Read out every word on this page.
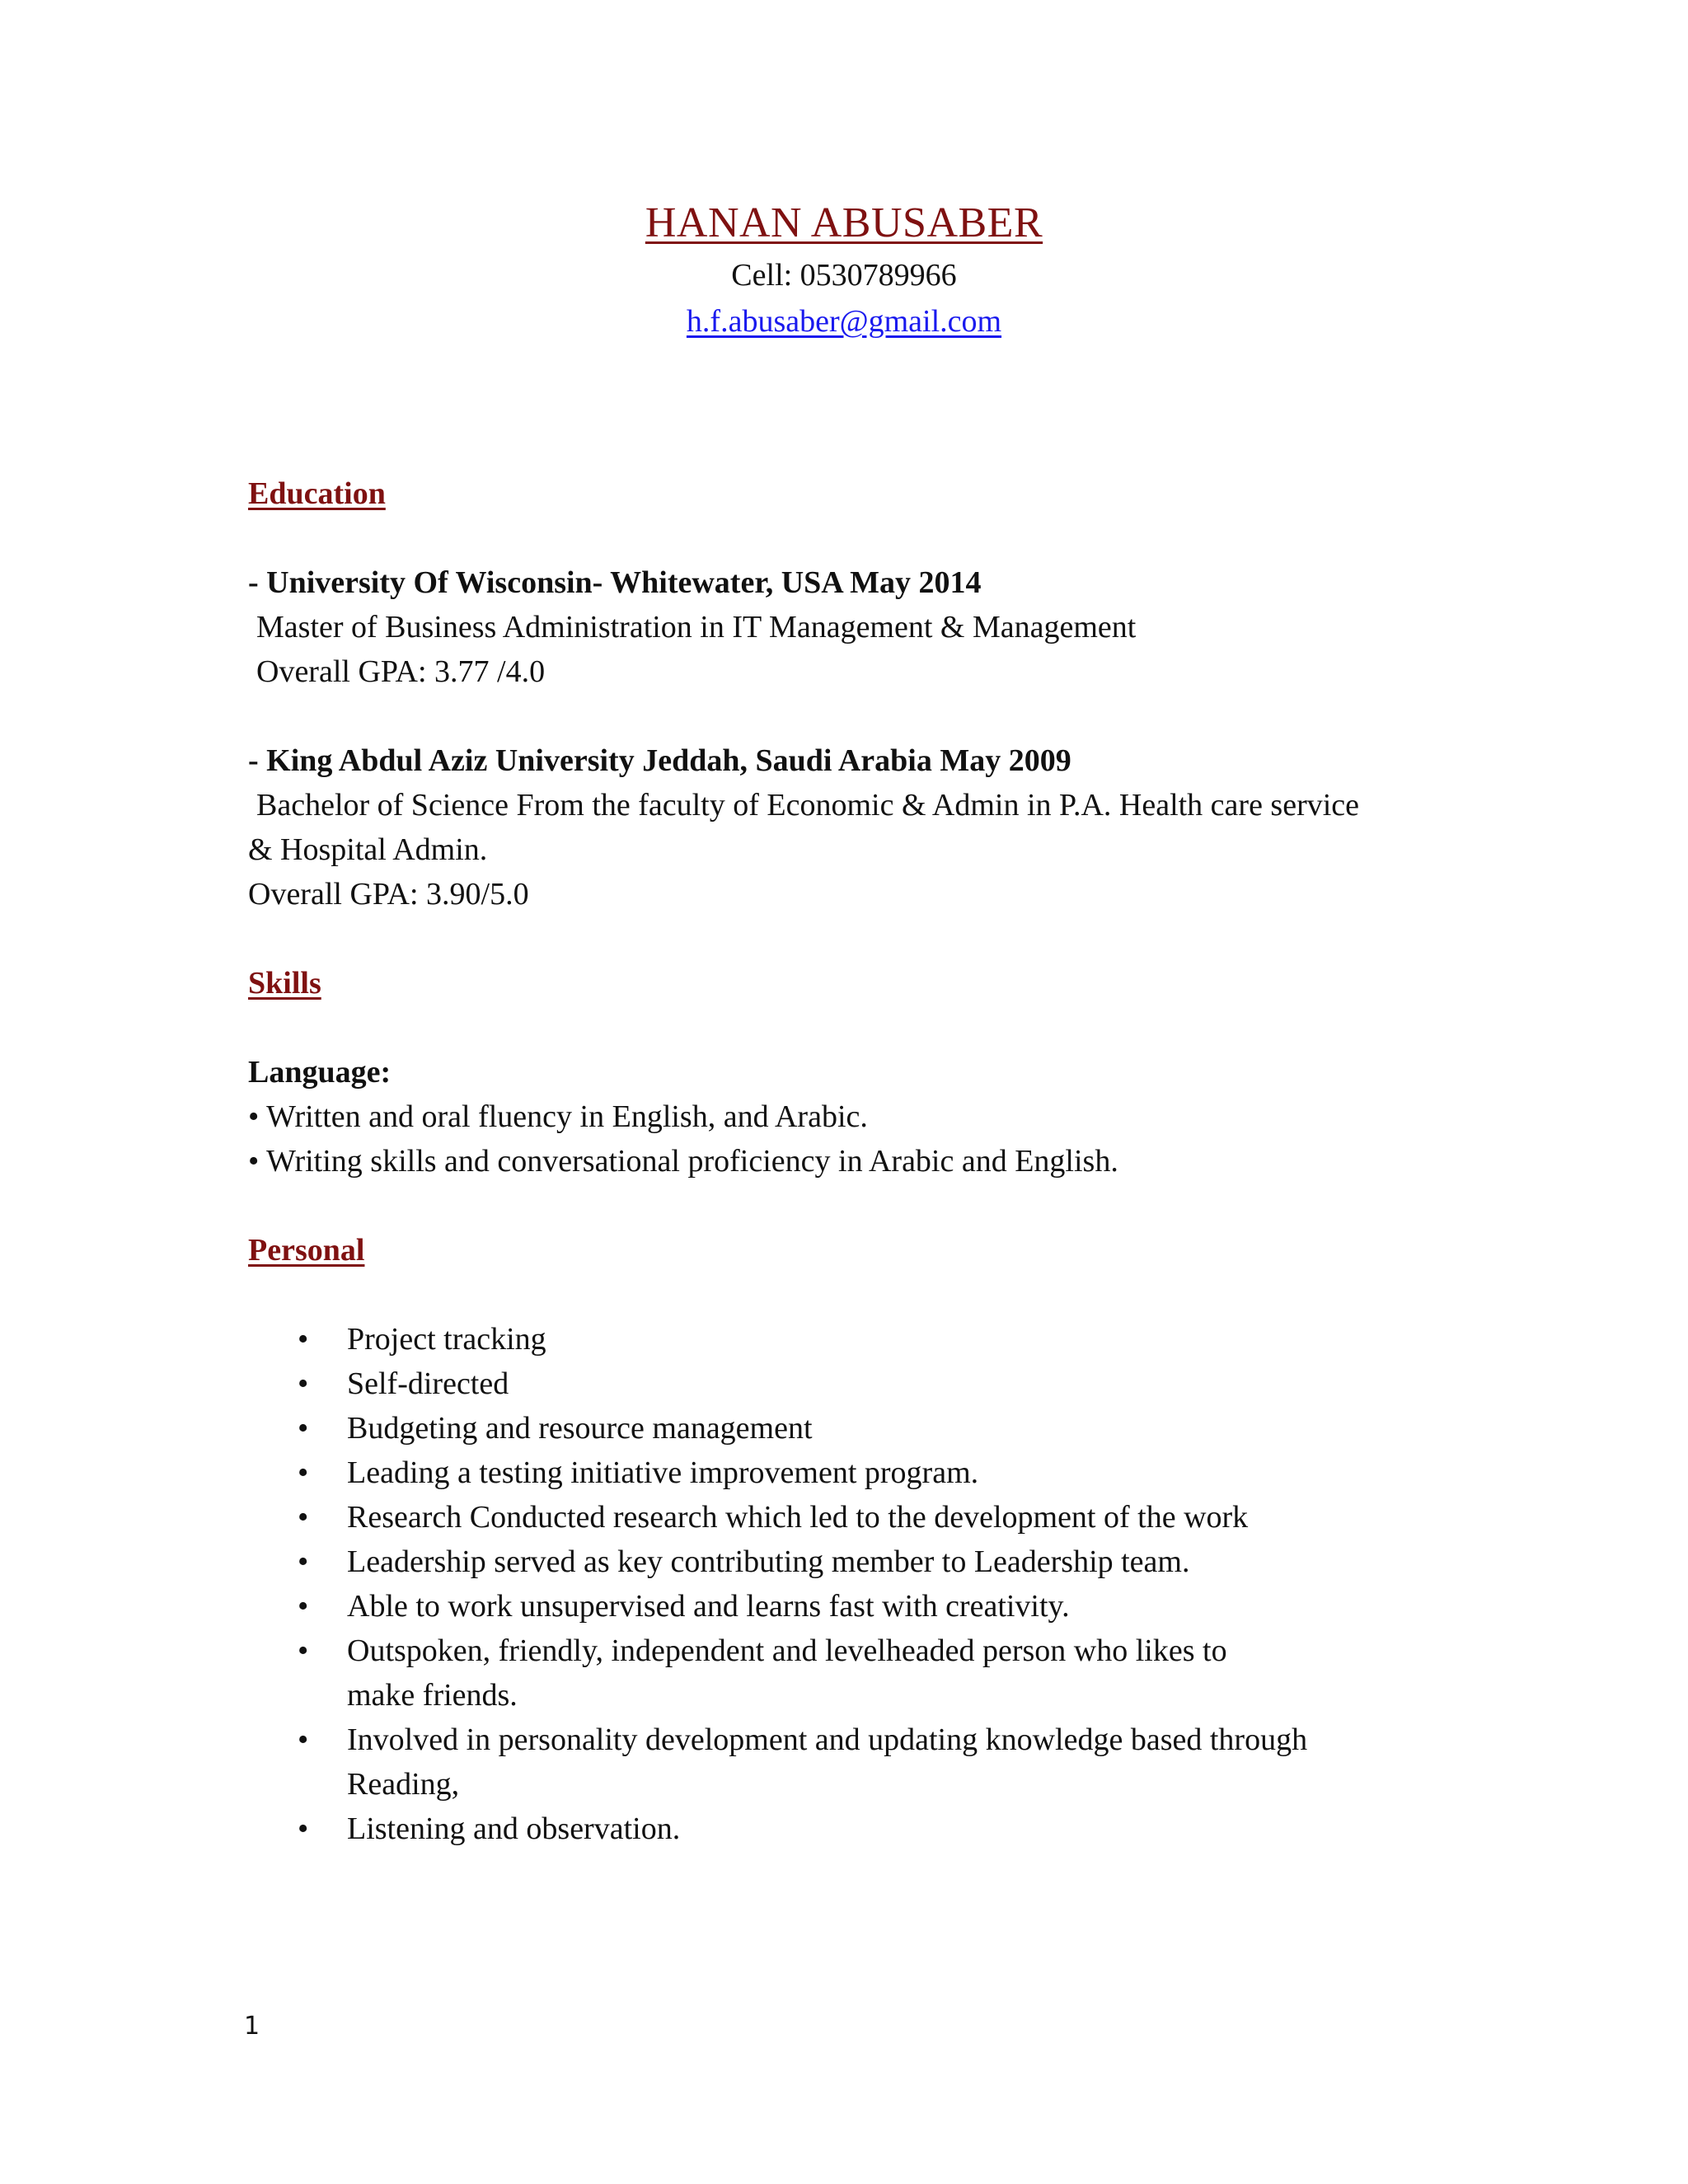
HANAN ABUSABER
Cell: 0530789966
h.f.abusaber@gmail.com

Education

- University Of Wisconsin- Whitewater, USA May 2014

Master of Business Administration in IT Management & Management

Overall GPA: 3.77 /4.0

- King Abdul Aziz University Jeddah, Saudi Arabia May 2009

Bachelor of Science From the faculty of Economic & Admin in P.A. Health care service

& Hospital Admin.

Overall GPA: 3.90/5.0

Skills

Language:

• Written and oral fluency in English, and Arabic.

• Writing skills and conversational proficiency in Arabic and English.

Personal

• Project tracking
• Self-directed
• Budgeting and resource management
• Leading a testing initiative improvement program.
• Research Conducted research which led to the development of the work
• Leadership served as key contributing member to Leadership team.
• Able to work unsupervised and learns fast with creativity.
• Outspoken, friendly, independent and levelheaded person who likes to make friends.
• Involved in personality development and updating knowledge based through Reading,
• Listening and observation.
1
